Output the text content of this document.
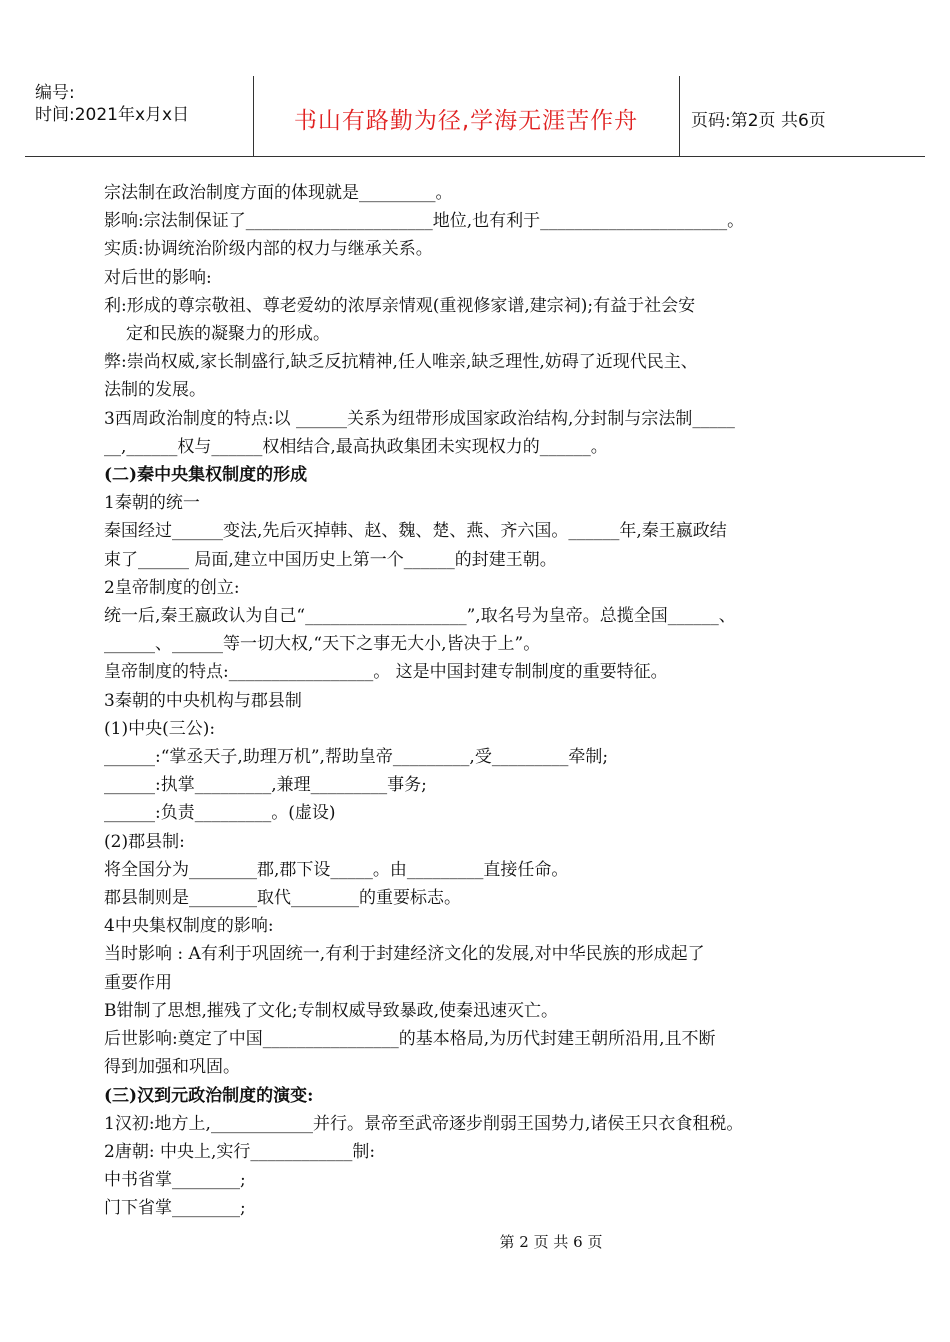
编号:
时间:2021年x月x日	书山有路勤为径,学海无涯苦作舟	页码:第2页 共6页
宗法制在政治制度方面的体现就是_________。
影响:宗法制保证了______________________地位,也有利于______________________。
实质:协调统治阶级内部的权力与继承关系。
对后世的影响:
利:形成的尊宗敬祖、尊老爱幼的浓厚亲情观(重视修家谱,建宗祠);有益于社会安
定和民族的凝聚力的形成。
弊:崇尚权威,家长制盛行,缺乏反抗精神,任人唯亲,缺乏理性,妨碍了近现代民主、
法制的发展。
3西周政治制度的特点:以 ______关系为纽带形成国家政治结构,分封制与宗法制_____
__,______权与______权相结合,最高执政集团未实现权力的______。
(二)秦中央集权制度的形成
1秦朝的统一
秦国经过______变法,先后灭掉韩、赵、魏、楚、燕、齐六国。______年,秦王嬴政结
束了______ 局面,建立中国历史上第一个______的封建王朝。
2皇帝制度的创立:
统一后,秦王嬴政认为自己“___________________”,取名号为皇帝。总揽全国______、
______、______等一切大权,“天下之事无大小,皆决于上”。
皇帝制度的特点:_________________。 这是中国封建专制制度的重要特征。
3秦朝的中央机构与郡县制
(1)中央(三公):
______:“掌丞天子,助理万机”,帮助皇帝_________,受_________牵制;
______:执掌_________,兼理_________事务;
______:负责_________。(虚设)
(2)郡县制:
将全国分为________郡,郡下设_____。由_________直接任命。
郡县制则是________取代________的重要标志。
4中央集权制度的影响:
当时影响 : A有利于巩固统一,有利于封建经济文化的发展,对中华民族的形成起了
重要作用
B钳制了思想,摧残了文化;专制权威导致暴政,使秦迅速灭亡。
后世影响:奠定了中国________________的基本格局,为历代封建王朝所沿用,且不断
得到加强和巩固。
(三)汉到元政治制度的演变:
1汉初:地方上,____________并行。景帝至武帝逐步削弱王国势力,诸侯王只衣食租税。
2唐朝: 中央上,实行____________制:
中书省掌________;
门下省掌________;
第 2 页 共 6 页
